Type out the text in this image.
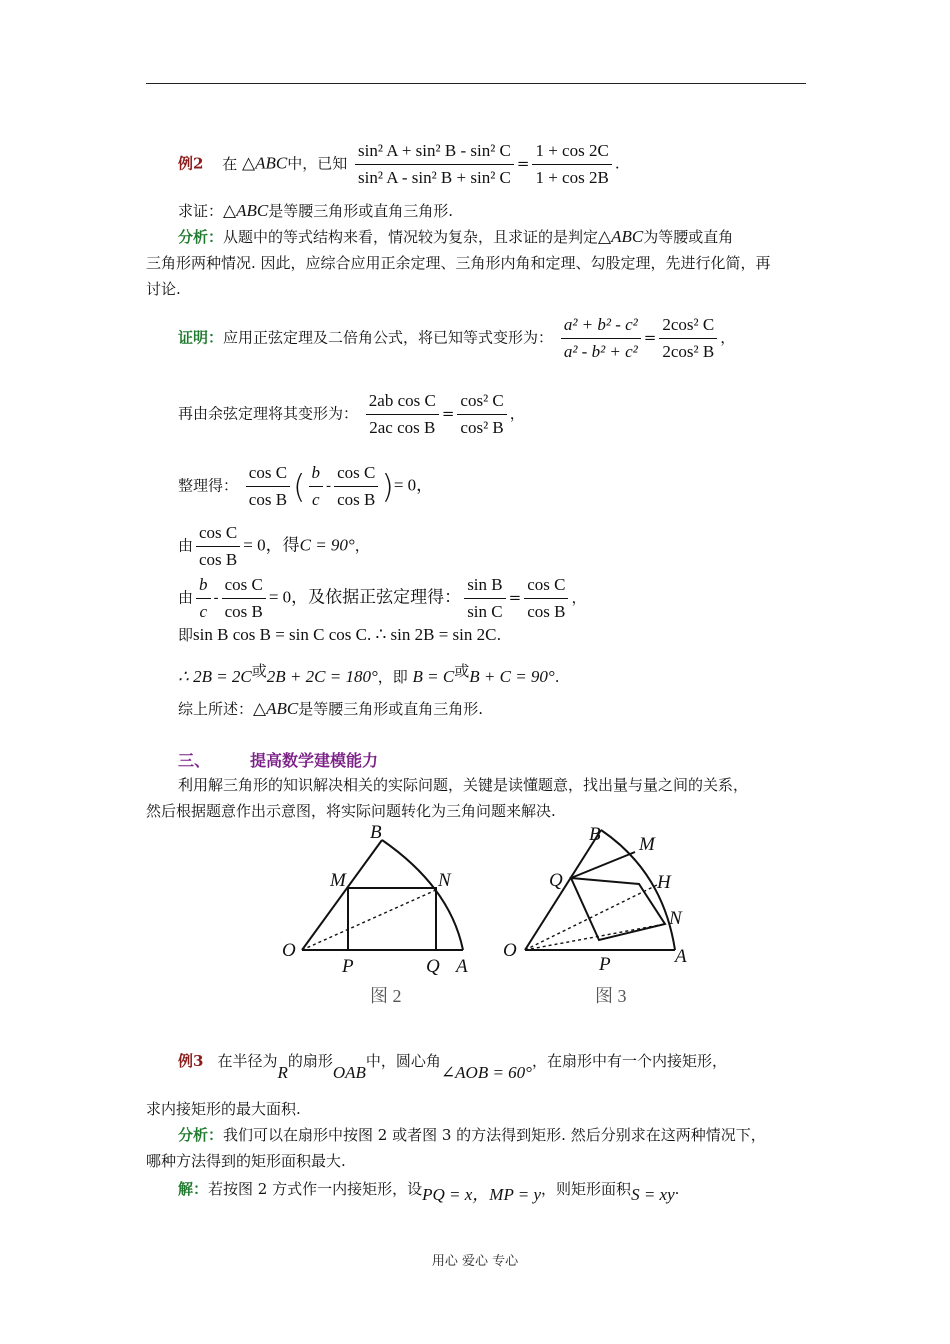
例2 在 △ABC中，已知 $\frac{\text{sin² A + sin² B - sin² C}}{\text{sin² A - sin² B + sin² C}} = \frac{1 + \cos 2C}{1 + \cos 2B}$ .
求证：△ABC是等腰三角形或直角三角形.
分析：从题中的等式结构来看，情况较为复杂，且求证的是判定△ABC为等腰或直角
三角形两种情况. 因此，应综合应用正余定理、三角形内角和定理、勾股定理，先进行化简，再
讨论.
证明：应用正弦定理及二倍角公式，将已知等式变形为： $\frac{\text{a² + b² - c²}}{\text{a² - b² + c²}} = \frac{\text{2cos² C}}{\text{2cos² B}}$ ，
再由余弦定理将其变形为： $\frac{\text{2ab cos C}}{\text{2ac cos B}} = \frac{\text{cos² C}}{\text{cos² B}}$ ，
整理得： $\frac{\text{cos C}}{\text{cos B}}$ ( $\frac{b}{c} - \frac{\text{cos C}}{\text{cos B}}$ )= 0，
由 $\frac{\text{cos C}}{\text{cos B}} = 0$，得C = 90°，
由 $\frac{b}{c} - \frac{\text{cos C}}{\text{cos B}} = 0$，及依据正弦定理得： $\frac{\text{sin B}}{\text{sin C}} = \frac{\text{cos C}}{\text{cos B}}$ ，
即sin B cos B = sin C cos C. ∴ sin 2B = sin 2C.
∴ 2B = 2C或2B + 2C = 180°，即 B = C或B + C = 90°.
综上所述：△ABC是等腰三角形或直角三角形.
三、	提高数学建模能力
利用解三角形的知识解决相关的实际问题，关键是读懂题意，找出量与量之间的关系，
然后根据题意作出示意图，将实际问题转化为三角问题来解决.
B
M	N
O
P	Q A
图 2
B M
Q	H
N
O
P	A
图 3
例3 在半径为R的扇形OAB中，圆心角∠AOB = 60°，在扇形中有一个内接矩形，
求内接矩形的最大面积.
分析：我们可以在扇形中按图 2 或者图 3 的方法得到矩形. 然后分别求在这两种情况下，
哪种方法得到的矩形面积最大.
解：若按图 2 方式作一内接矩形，设PQ = x，MP = y，则矩形面积S = xy.
用心 爱心 专心
